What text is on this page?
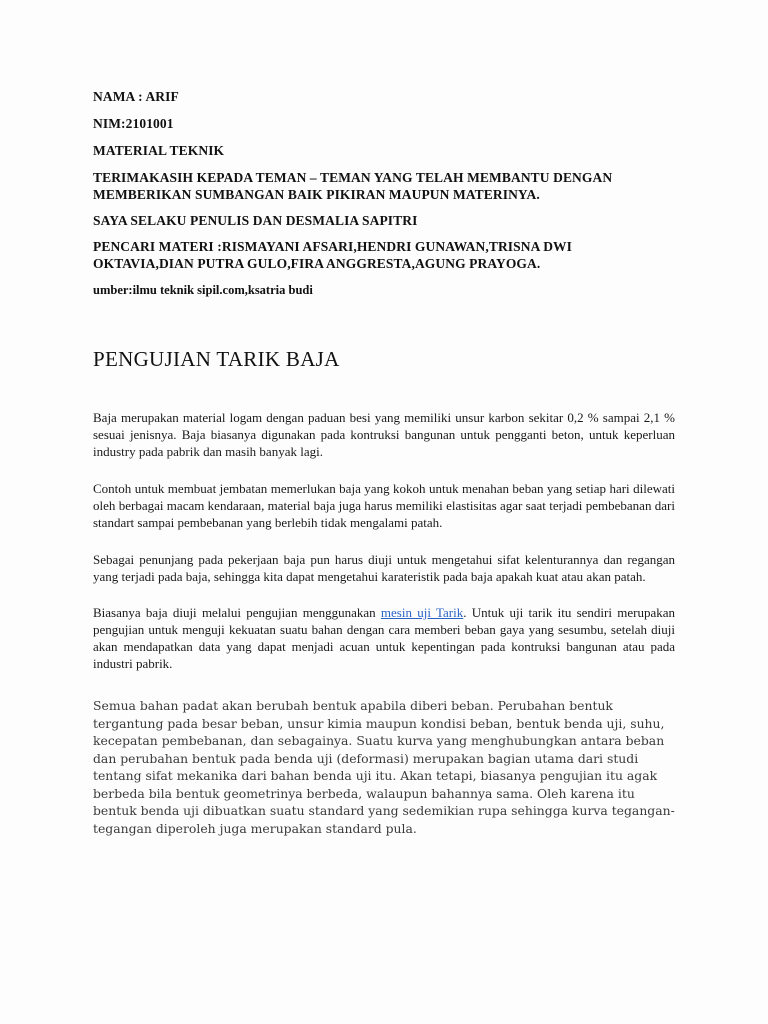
NAMA : ARIF

NIM:2101001

MATERIAL TEKNIK

TERIMAKASIH KEPADA TEMAN – TEMAN YANG TELAH MEMBANTU DENGAN MEMBERIKAN SUMBANGAN BAIK PIKIRAN MAUPUN MATERINYA.

SAYA SELAKU PENULIS DAN DESMALIA SAPITRI

PENCARI MATERI :RISMAYANI AFSARI,HENDRI GUNAWAN,TRISNA DWI OKTAVIA,DIAN PUTRA GULO,FIRA ANGGRESTA,AGUNG PRAYOGA.

umber:ilmu teknik sipil.com,ksatria budi

PENGUJIAN TARIK BAJA

Baja merupakan material logam dengan paduan besi yang memiliki unsur karbon sekitar 0,2 % sampai 2,1 % sesuai jenisnya. Baja biasanya digunakan pada kontruksi bangunan untuk pengganti beton, untuk keperluan industry pada pabrik dan masih banyak lagi.

Contoh untuk membuat jembatan memerlukan baja yang kokoh untuk menahan beban yang setiap hari dilewati oleh berbagai macam kendaraan, material baja juga harus memiliki elastisitas agar saat terjadi pembebanan dari standart sampai pembebanan yang berlebih tidak mengalami patah.

Sebagai penunjang pada pekerjaan baja pun harus diuji untuk mengetahui sifat kelenturannya dan regangan yang terjadi pada baja, sehingga kita dapat mengetahui karateristik pada baja apakah kuat atau akan patah.

Biasanya baja diuji melalui pengujian menggunakan mesin uji Tarik. Untuk uji tarik itu sendiri merupakan pengujian untuk menguji kekuatan suatu bahan dengan cara memberi beban gaya yang sesumbu, setelah diuji akan mendapatkan data yang dapat menjadi acuan untuk kepentingan pada kontruksi bangunan atau pada industri pabrik.

Semua bahan padat akan berubah bentuk apabila diberi beban. Perubahan bentuk tergantung pada besar beban, unsur kimia maupun kondisi beban, bentuk benda uji, suhu, kecepatan pembebanan, dan sebagainya. Suatu kurva yang menghubungkan antara beban dan perubahan bentuk pada benda uji (deformasi) merupakan bagian utama dari studi tentang sifat mekanika dari bahan benda uji itu. Akan tetapi, biasanya pengujian itu agak berbeda bila bentuk geometrinya berbeda, walaupun bahannya sama. Oleh karena itu bentuk benda uji dibuatkan suatu standard yang sedemikian rupa sehingga kurva tegangan-tegangan diperoleh juga merupakan standard pula.
